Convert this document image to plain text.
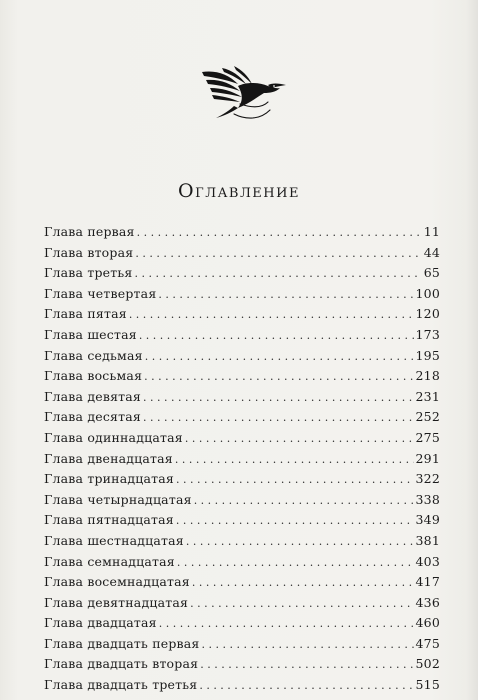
Оглавление
Глава первая . . .	11
Глава вторая . . .	44
Глава третья . . .	65
Глава четвертая . . .	100
Глава пятая . . .	120
Глава шестая . . .	173
Глава седьмая . . .	195
Глава восьмая . . .	218
Глава девятая . . .	231
Глава десятая . . .	252
Глава одиннадцатая . . .	275
Глава двенадцатая . . .	291
Глава тринадцатая . . .	322
Глава четырнадцатая . . .	338
Глава пятнадцатая . . .	349
Глава шестнадцатая . . .	381
Глава семнадцатая . . .	403
Глава восемнадцатая . . .	417
Глава девятнадцатая . . .	436
Глава двадцатая . . .	460
Глава двадцать первая . . .	475
Глава двадцать вторая . . .	502
Глава двадцать третья . . .	515
